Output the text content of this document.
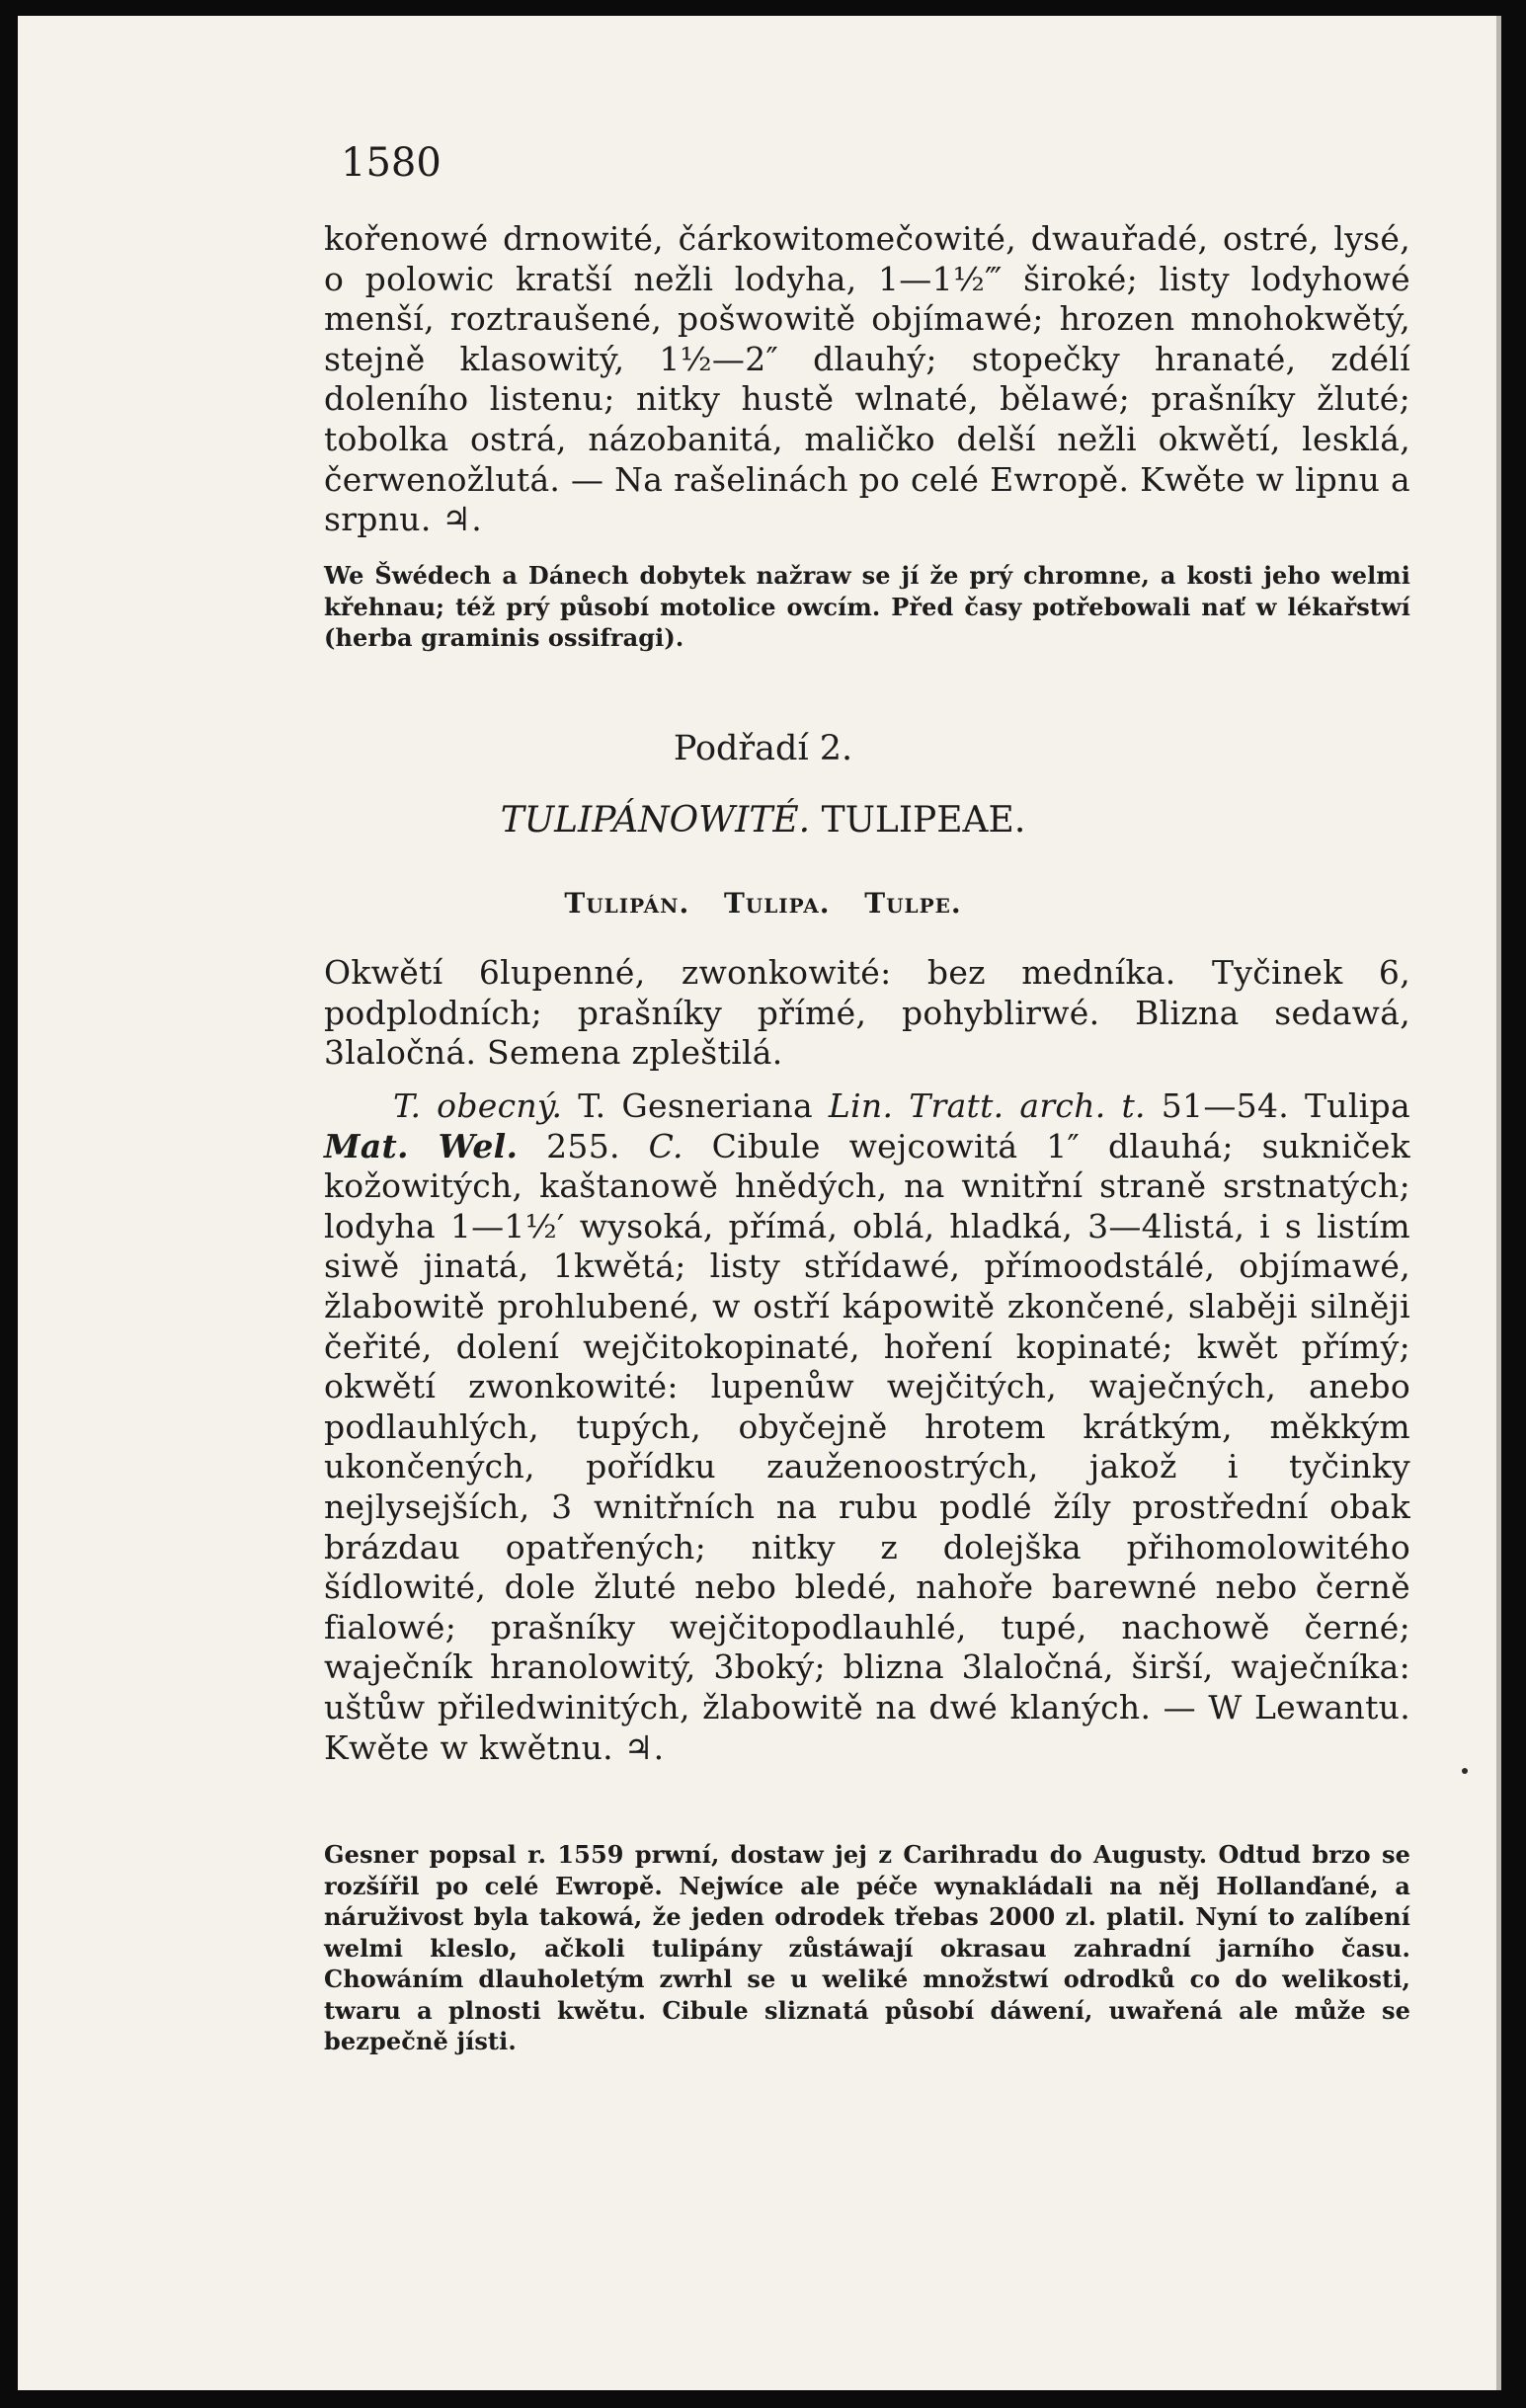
1580
kořenowé drnowité, čárkowitomečowité, dwauřadé, ostré, lysé, o polowic kratší nežli lodyha, 1—1½‴ široké; listy lodyhowé menší, roztraušené, pošwowitě objímawé; hrozen mnohokwětý, stejně klasowitý, 1½—2″ dlauhý; stopečky hranaté, zdélí doleního listenu; nitky hustě wlnaté, bělawé; prašníky žluté; tobolka ostrá, názobanitá, maličko delší nežli okwětí, lesklá, čerwenožlutá. — Na rašelinách po celé Ewropě. Kwěte w lipnu a srpnu. ♃.
We Šwédech a Dánech dobytek nažraw se jí že prý chromne, a kosti jeho welmi křehnau; též prý působí motolice owcím. Před časy potřebowali nať w lékařstwí (herba graminis ossifragi).
Podřadí 2.
TULIPÁNOWITÉ. TULIPEAE.
Tulipán. Tulipa. Tulpe.
Okwětí 6lupenné, zwonkowité: bez medníka. Tyčinek 6, podplodních; prašníky přímé, pohyblirwé. Blizna sedawá, 3laločná. Semena zpleštilá.
T. obecný. T. Gesneriana Lin. Tratt. arch. t. 51—54. Tulipa Mat. Wel. 255. C. Cibule wejcowitá 1″ dlauhá; sukniček kožowitých, kaštanowě hnědých, na wnitřní straně srstnatých; lodyha 1—1½′ wysoká, přímá, oblá, hladká, 3—4listá, i s listím siwě jinatá, 1kwětá; listy střídawé, přímoodstálé, objímawé, žlabowitě prohlubené, w ostří kápowitě zkončené, slaběji silněji čeřité, dolení wejčitokopinaté, hoření kopinaté; kwět přímý; okwětí zwonkowité: lupenůw wejčitých, waječných, anebo podlauhlých, tupých, obyčejně hrotem krátkým, měkkým ukončených, pořídku zauženoostrých, jakož i tyčinky nejlysejších, 3 wnitřních na rubu podlé žíly prostřední obak brázdau opatřených; nitky z dolejška přihomolowitého šídlowité, dole žluté nebo bledé, nahoře barewné nebo černě fialowé; prašníky wejčitopodlauhlé, tupé, nachowě černé; waječník hranolowitý, 3boký; blizna 3laločná, širší, waječníka: uštůw přiledwinitých, žlabowitě na dwé klaných. — W Lewantu. Kwěte w kwětnu. ♃.
Gesner popsal r. 1559 prwní, dostaw jej z Carihradu do Augusty. Odtud brzo se rozšířil po celé Ewropě. Nejwíce ale péče wynakládali na něj Hollanďané, a náruživost byla takowá, že jeden odrodek třebas 2000 zl. platil. Nyní to zalíbení welmi kleslo, ačkoli tulipány zůstáwají okrasau zahradní jarního času. Chowáním dlauholetým zwrhl se u weliké množstwí odrodků co do welikosti, twaru a plnosti kwětu. Cibule sliznatá působí dáwení, uwařená ale může se bezpečně jísti.
